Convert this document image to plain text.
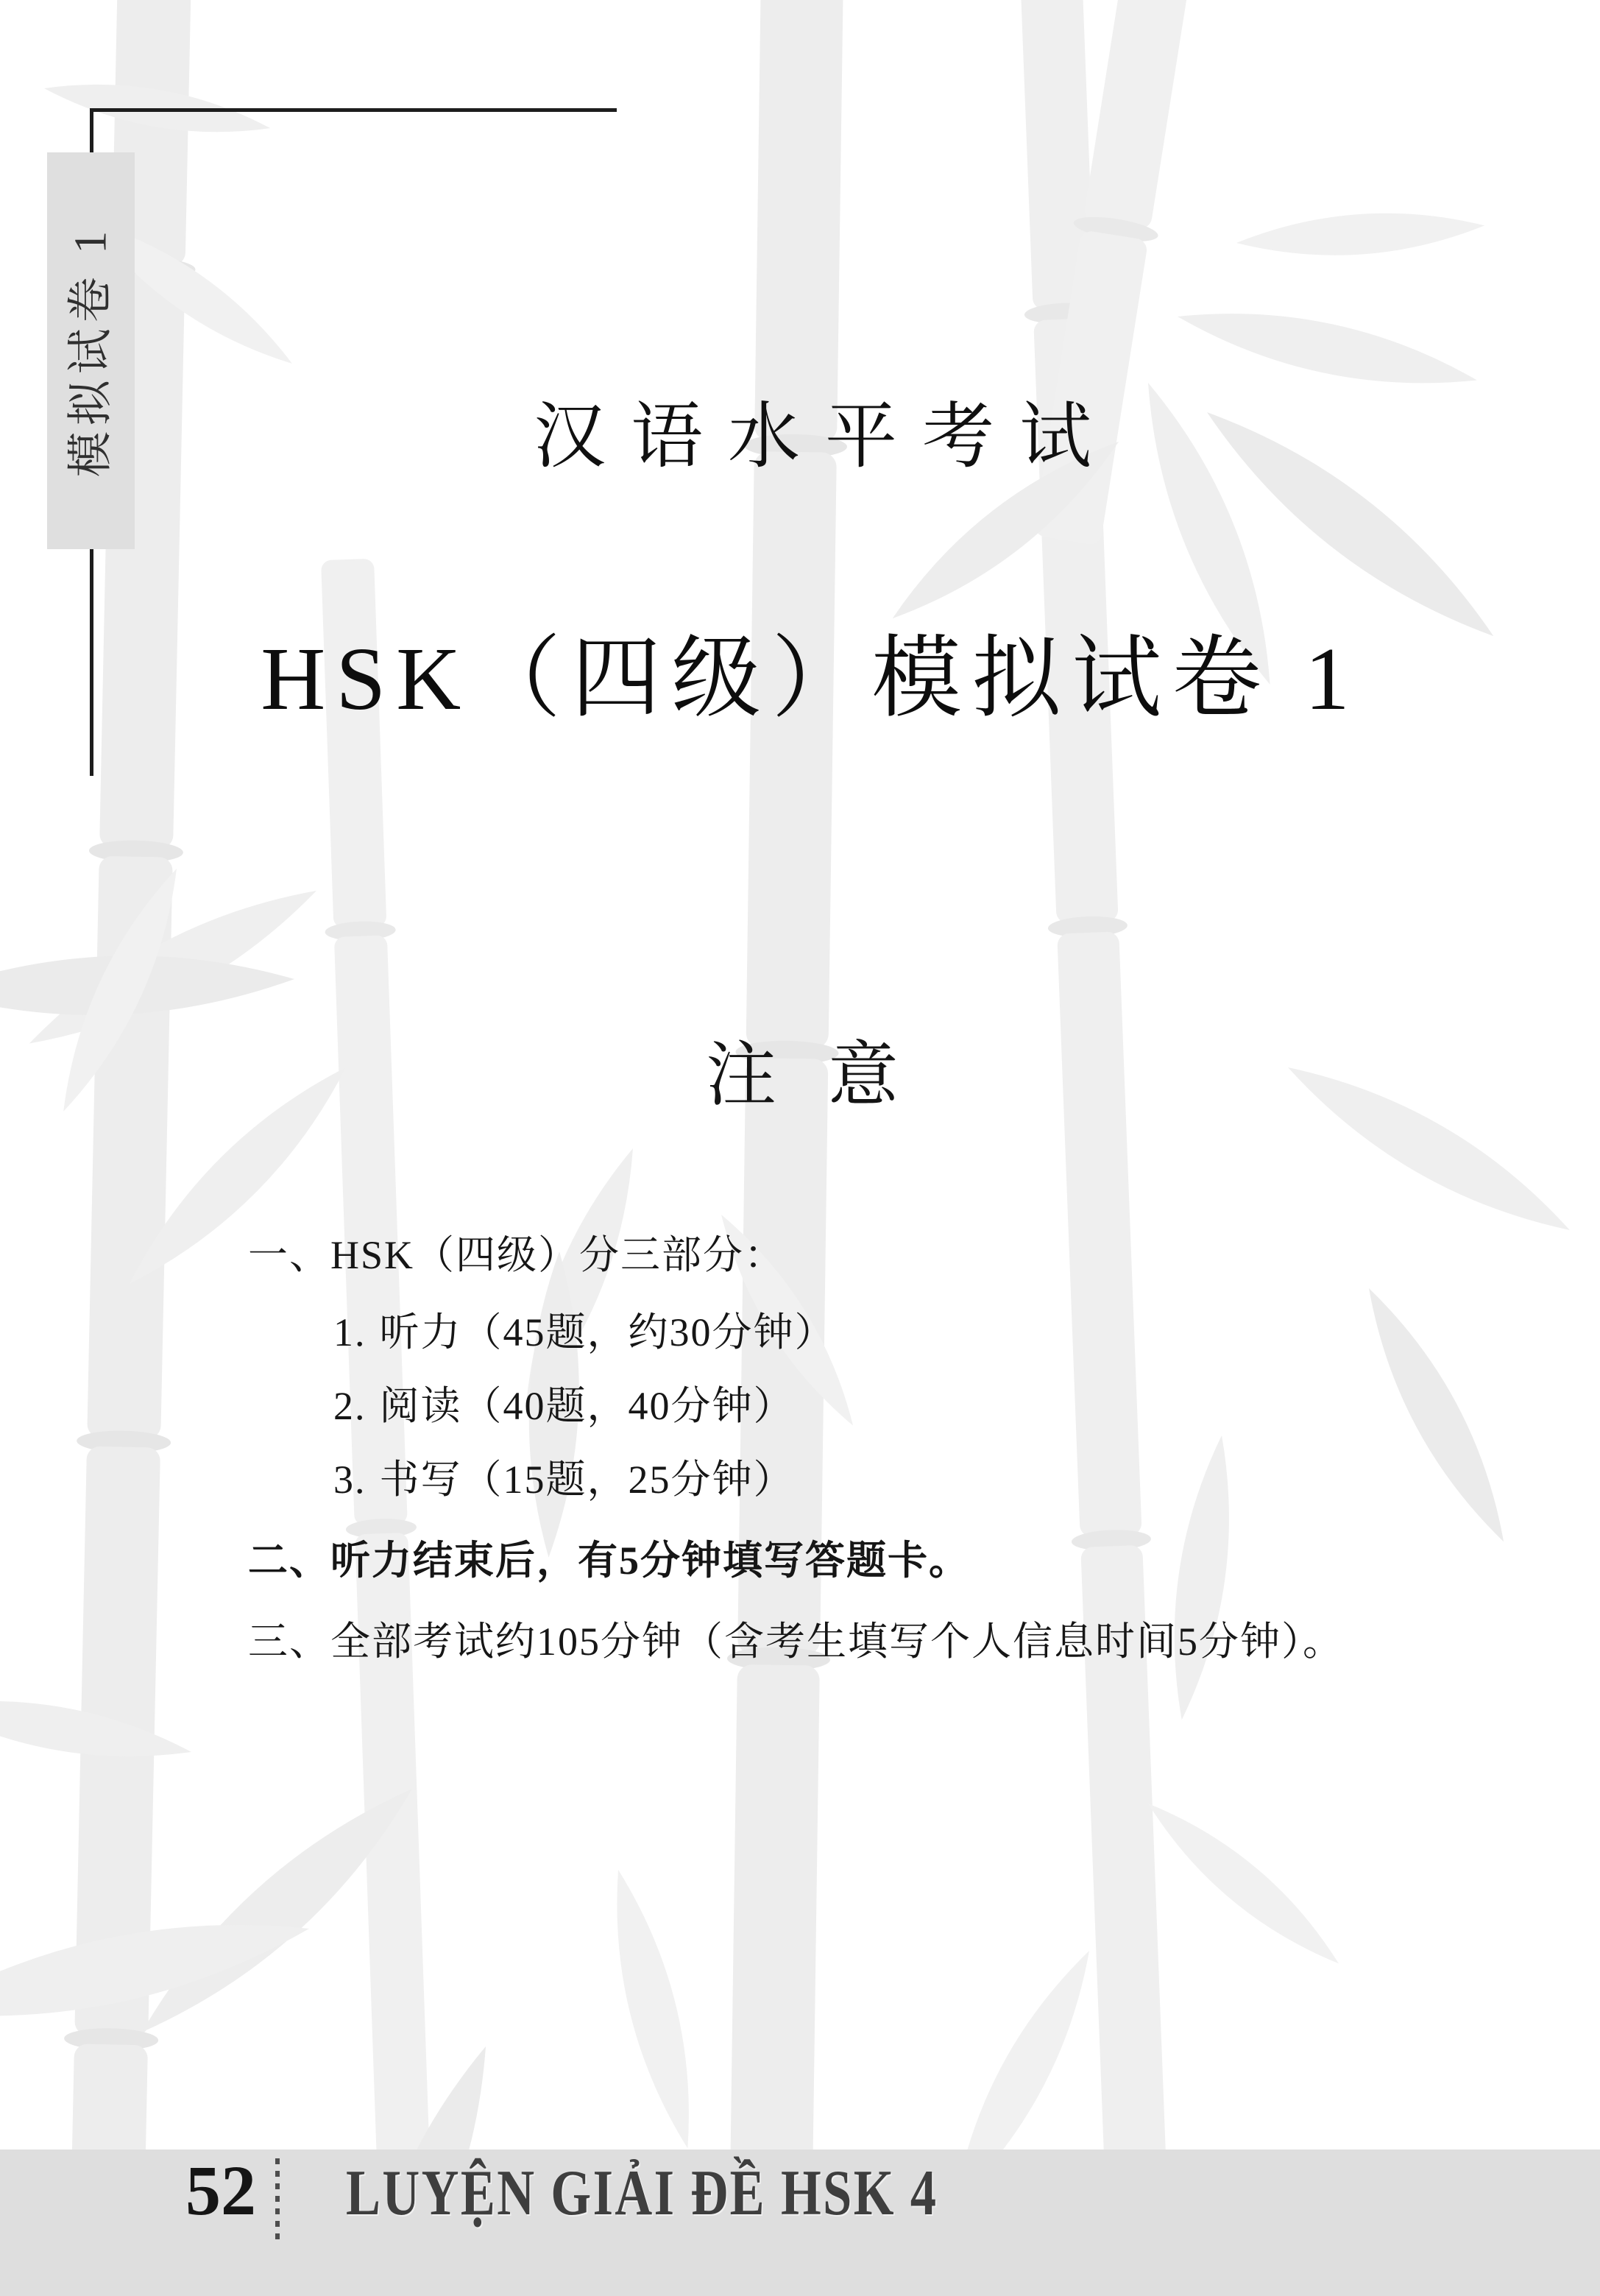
模拟试卷 1	汉语水平考试
HSK（四级）模拟试卷 1
注 意
一、HSK（四级）分三部分：
1. 听力（45题，约30分钟）
2. 阅读（40题，40分钟）
3. 书写（15题，25分钟）
二、听力结束后，有5分钟填写答题卡。
三、全部考试约105分钟（含考生填写个人信息时间5分钟）。
52 LUYỆN GIẢI ĐỀ HSK 4
